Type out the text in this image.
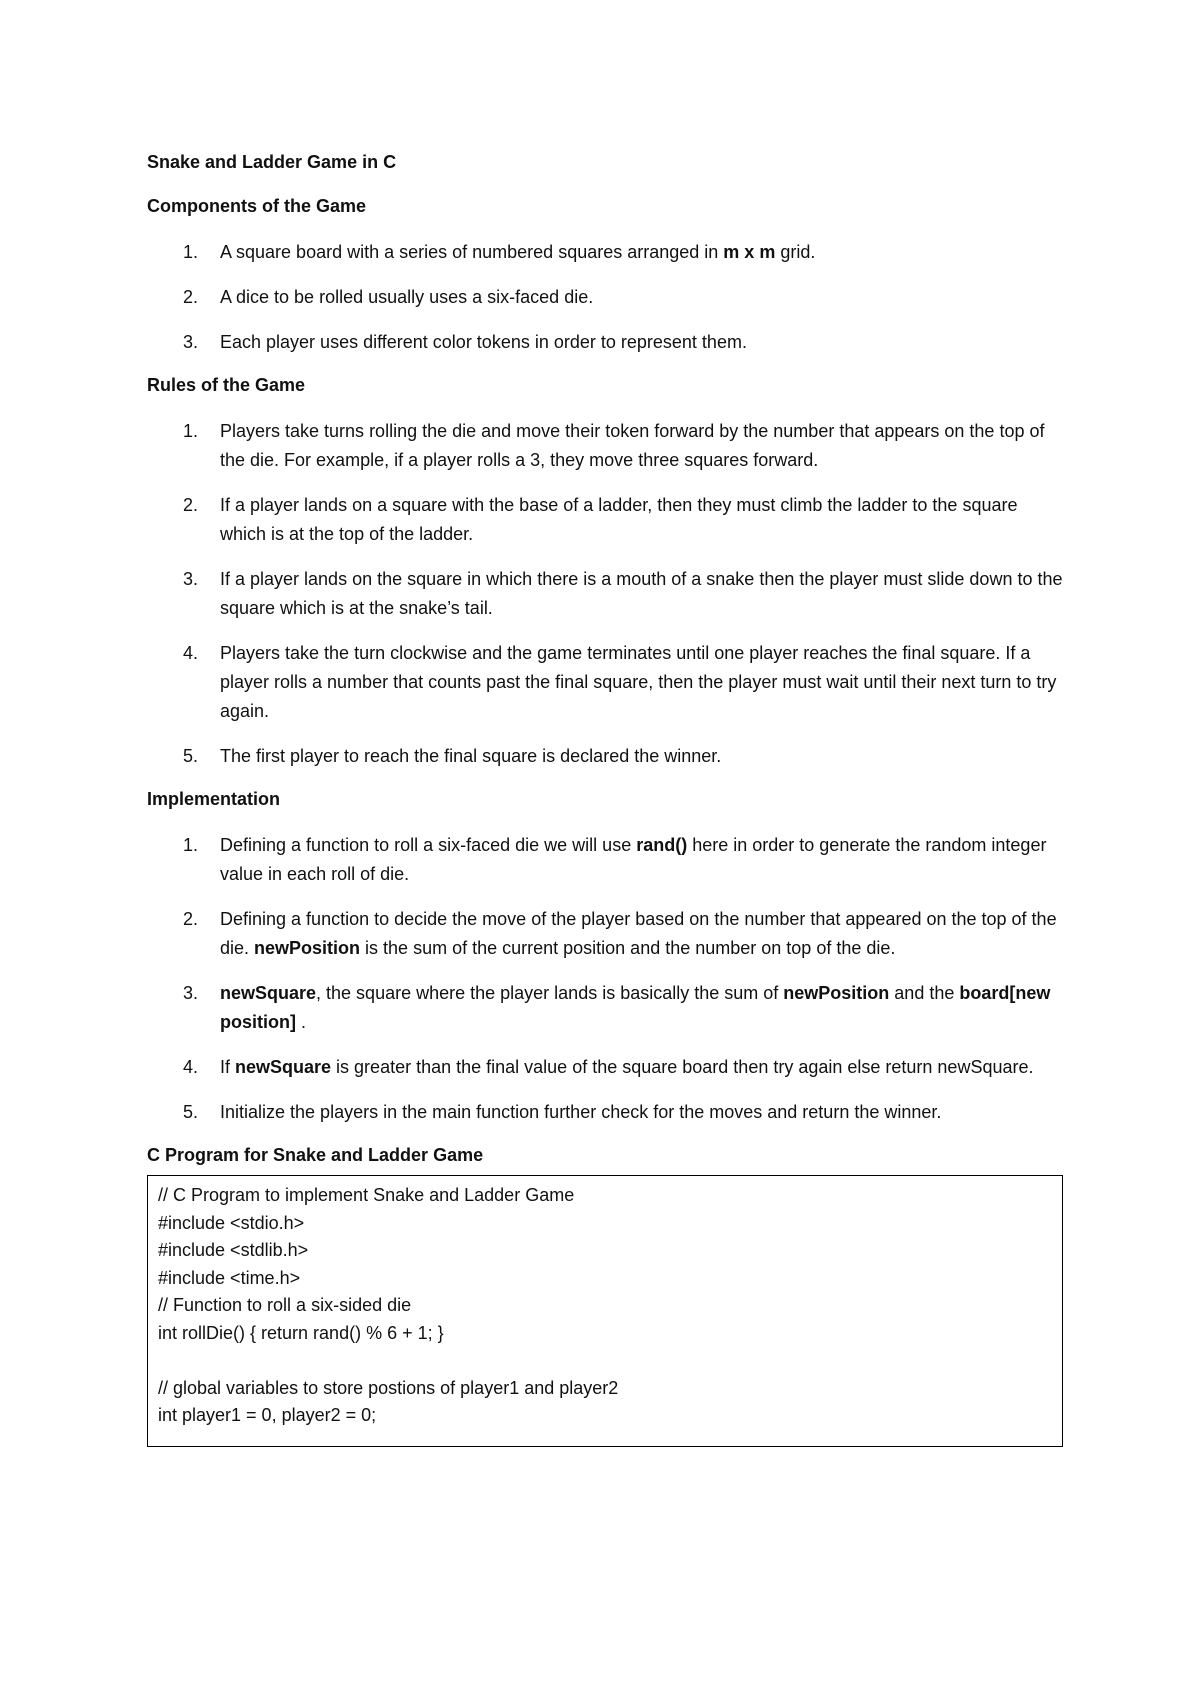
Snake and Ladder Game in C

Components of the Game

1.	A square board with a series of numbered squares arranged in m x m grid.
2.	A dice to be rolled usually uses a six-faced die.
3.	Each player uses different color tokens in order to represent them.

Rules of the Game

1.	Players take turns rolling the die and move their token forward by the number that appears on the top of the die. For example, if a player rolls a 3, they move three squares forward.
2.	If a player lands on a square with the base of a ladder, then they must climb the ladder to the square which is at the top of the ladder.
3.	If a player lands on the square in which there is a mouth of a snake then the player must slide down to the square which is at the snake’s tail.
4.	Players take the turn clockwise and the game terminates until one player reaches the final square. If a player rolls a number that counts past the final square, then the player must wait until their next turn to try again.
5.	The first player to reach the final square is declared the winner.

Implementation

1.	Defining a function to roll a six-faced die we will use rand() here in order to generate the random integer value in each roll of die.
2.	Defining a function to decide the move of the player based on the number that appeared on the top of the die. newPosition is the sum of the current position and the number on top of the die.
3.	newSquare, the square where the player lands is basically the sum of newPosition and the board[new position] .
4.	If newSquare is greater than the final value of the square board then try again else return newSquare.
5.	Initialize the players in the main function further check for the moves and return the winner.

C Program for Snake and Ladder Game

// C Program to implement Snake and Ladder Game
#include <stdio.h>
#include <stdlib.h>
#include <time.h>
// Function to roll a six-sided die
int rollDie() { return rand() % 6 + 1; }
// global variables to store postions of player1 and player2
int player1 = 0, player2 = 0;
